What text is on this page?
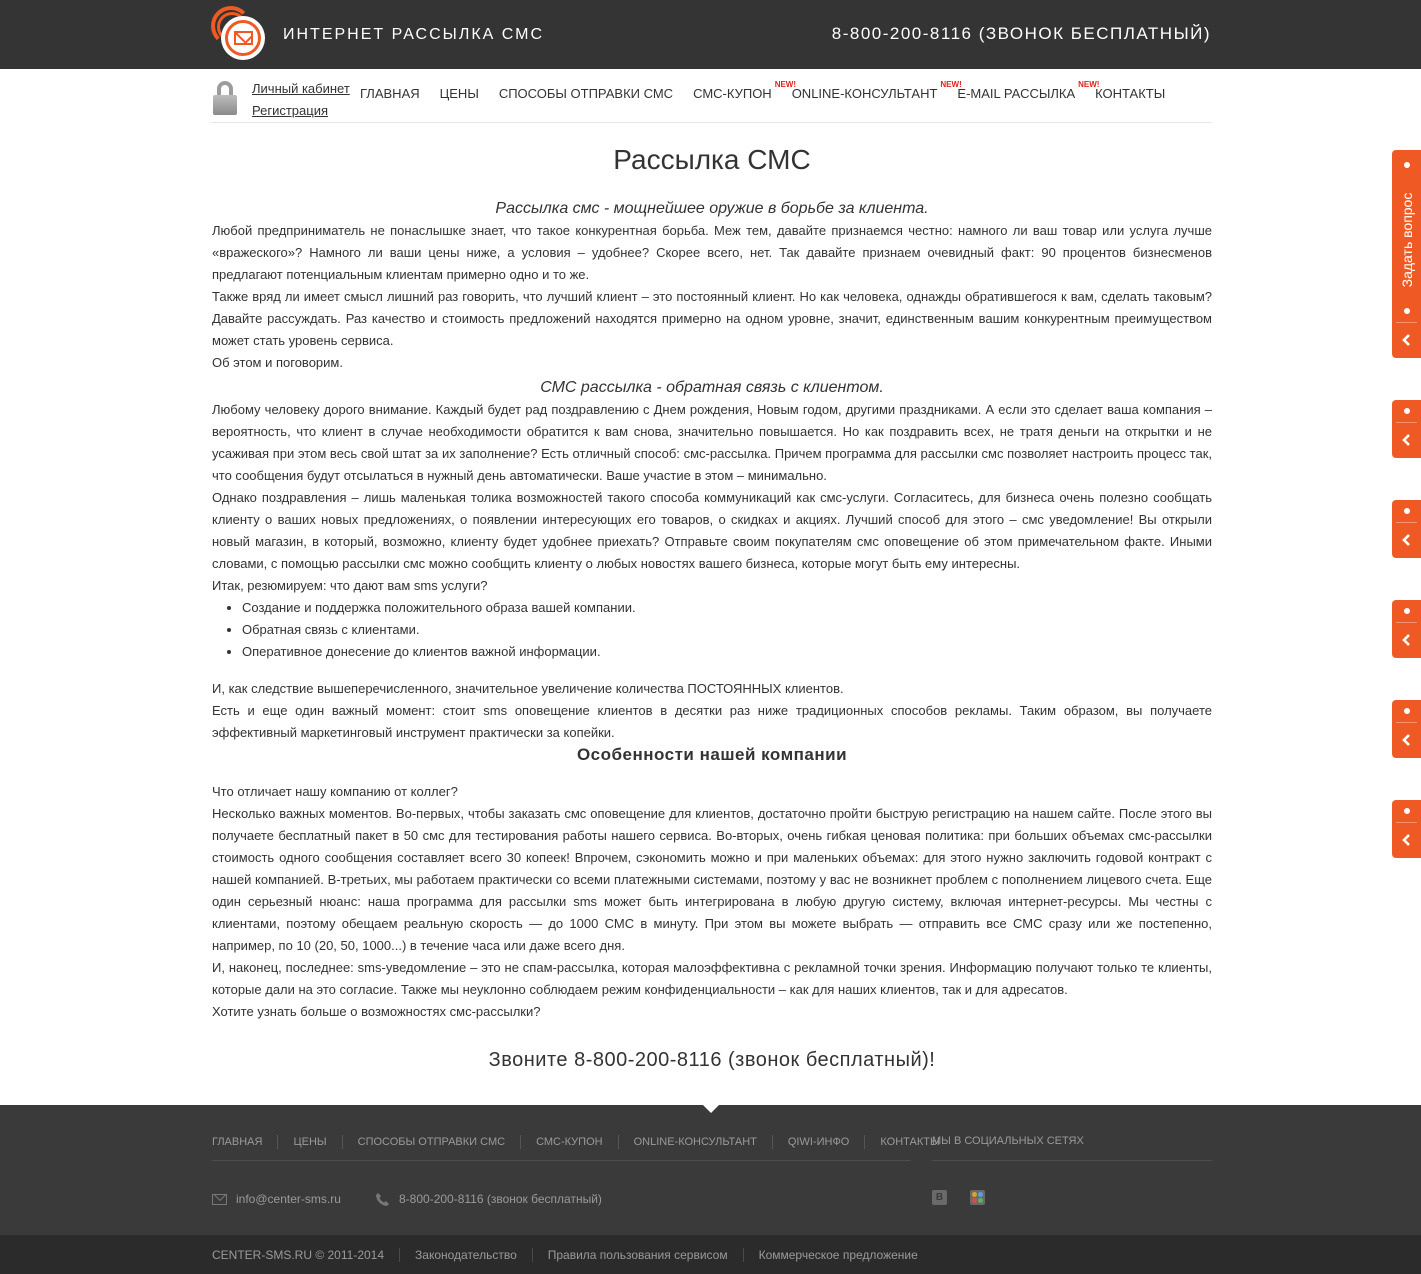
ИНТЕРНЕТ РАССЫЛКА СМС	8-800-200-8116 (ЗВОНОК БЕСПЛАТНЫЙ)
Личный кабинет
Регистрация
ГЛАВНАЯ ЦЕНЫ СПОСОБЫ ОТПРАВКИ СМС СМС-КУПОН
NEW!
ONLINE-КОНСУЛЬТАНТ
NEW!
E-MAIL РАССЫЛКА
NEW!
КОНТАКТЫ
Рассылка СМС
Рассылка смс - мощнейшее оружие в борьбе за клиента.

Любой предприниматель не понаслышке знает, что такое конкурентная борьба. Меж тем, давайте признаемся честно: намного ли ваш товар или услуга лучше «вражеского»? Намного ли ваши цены ниже, а условия – удобнее? Скорее всего, нет. Так давайте признаем очевидный факт: 90 процентов бизнесменов предлагают потенциальным клиентам примерно одно и то же.

Также вряд ли имеет смысл лишний раз говорить, что лучший клиент – это постоянный клиент. Но как человека, однажды обратившегося к вам, сделать таковым? Давайте рассуждать. Раз качество и стоимость предложений находятся примерно на одном уровне, значит, единственным вашим конкурентным преимуществом может стать уровень сервиса.

Об этом и поговорим.

СМС рассылка - обратная связь с клиентом.

Любому человеку дорого внимание. Каждый будет рад поздравлению с Днем рождения, Новым годом, другими праздниками. А если это сделает ваша компания – вероятность, что клиент в случае необходимости обратится к вам снова, значительно повышается. Но как поздравить всех, не тратя деньги на открытки и не усаживая при этом весь свой штат за их заполнение? Есть отличный способ: смс-рассылка. Причем программа для рассылки смс позволяет настроить процесс так, что сообщения будут отсылаться в нужный день автоматически. Ваше участие в этом – минимально.

Однако поздравления – лишь маленькая толика возможностей такого способа коммуникаций как смс-услуги. Согласитесь, для бизнеса очень полезно сообщать клиенту о ваших новых предложениях, о появлении интересующих его товаров, о скидках и акциях. Лучший способ для этого – смс уведомление! Вы открыли новый магазин, в который, возможно, клиенту будет удобнее приехать? Отправьте своим покупателям смс оповещение об этом примечательном факте. Иными словами, с помощью рассылки смс можно сообщить клиенту о любых новостях вашего бизнеса, которые могут быть ему интересны.

Итак, резюмируем: что дают вам sms услуги?

• Создание и поддержка положительного образа вашей компании.
• Обратная связь с клиентами.
• Оперативное донесение до клиентов важной информации.

И, как следствие вышеперечисленного, значительное увеличение количества ПОСТОЯННЫХ клиентов.

Есть и еще один важный момент: стоит sms оповещение клиентов в десятки раз ниже традиционных способов рекламы. Таким образом, вы получаете эффективный маркетинговый инструмент практически за копейки.

Особенности нашей компании

Что отличает нашу компанию от коллег?

Несколько важных моментов. Во-первых, чтобы заказать смс оповещение для клиентов, достаточно пройти быструю регистрацию на нашем сайте. После этого вы получаете бесплатный пакет в 50 смс для тестирования работы нашего сервиса. Во-вторых, очень гибкая ценовая политика: при больших объемах смс-рассылки стоимость одного сообщения составляет всего 30 копеек! Впрочем, сэкономить можно и при маленьких объемах: для этого нужно заключить годовой контракт с нашей компанией. В-третьих, мы работаем практически со всеми платежными системами, поэтому у вас не возникнет проблем с пополнением лицевого счета. Еще один серьезный нюанс: наша программа для рассылки sms может быть интегрирована в любую другую систему, включая интернет-ресурсы. Мы честны с клиентами, поэтому обещаем реальную скорость — до 1000 СМС в минуту. При этом вы можете выбрать — отправить все СМС сразу или же постепенно, например, по 10 (20, 50, 1000...) в течение часа или даже всего дня.

И, наконец, последнее: sms-уведомление – это не спам-рассылка, которая малоэффективна с рекламной точки зрения. Информацию получают только те клиенты, которые дали на это согласие. Также мы неуклонно соблюдаем режим конфиденциальности – как для наших клиентов, так и для адресатов.

Хотите узнать больше о возможностях смс-рассылки?

Звоните 8-800-200-8116 (звонок бесплатный)!
Задать вопрос
ГЛАВНАЯ	ЦЕНЫ	СПОСОБЫ ОТПРАВКИ СМС	СМС-КУПОН	ONLINE-КОНСУЛЬТАНТ	QIWI-ИНФО	КОНТАКТЫ
МЫ В СОЦИАЛЬНЫХ СЕТЯХ
info@center-sms.ru	8-800-200-8116 (звонок бесплатный)	В
CENTER-SMS.RU © 2011-2014	Законодательство	Правила пользования сервисом	Коммерческое предложение
